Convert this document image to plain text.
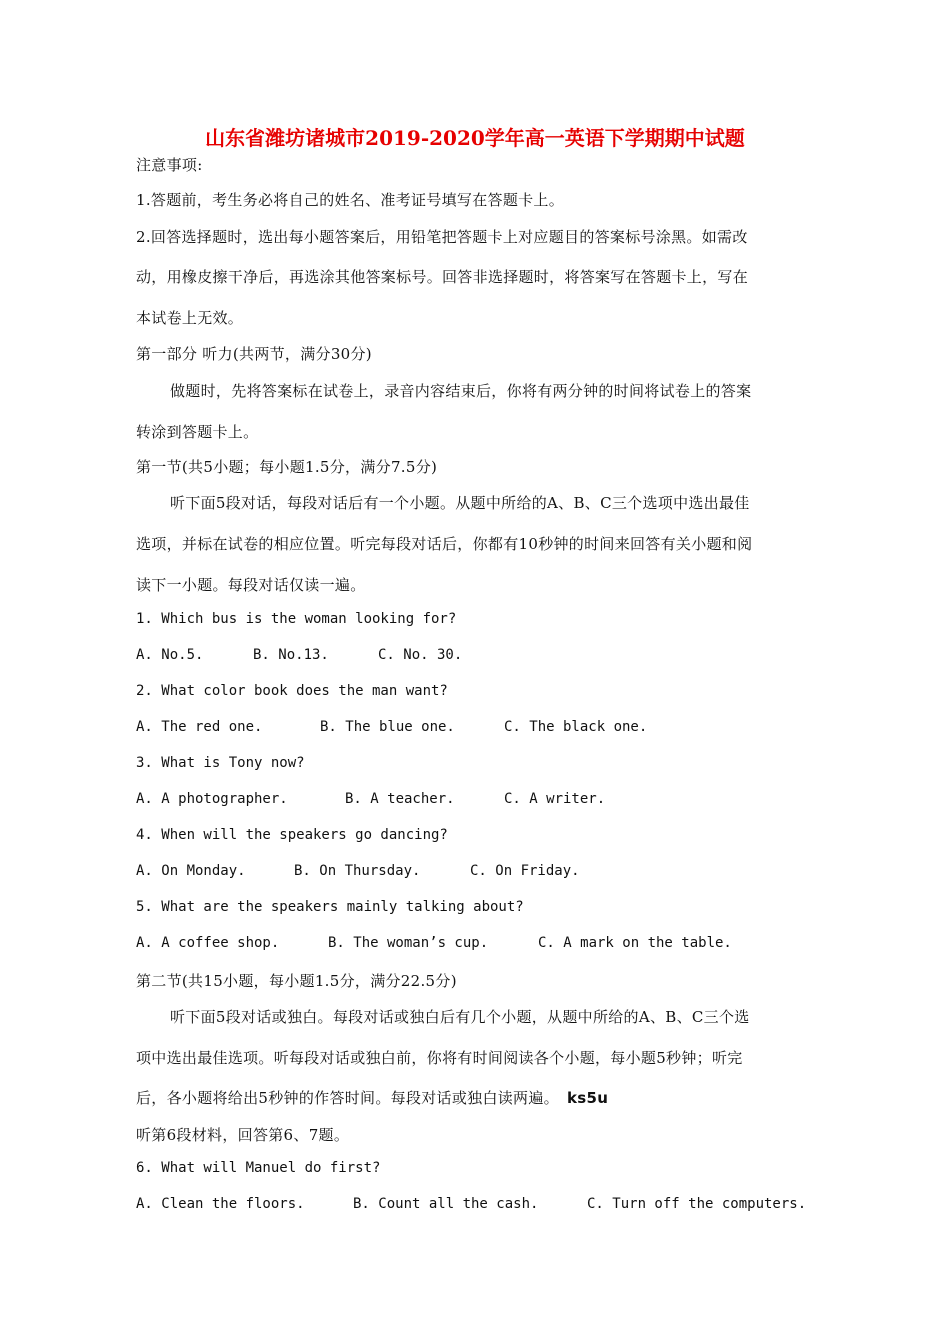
山东省潍坊诸城市2019-2020学年高一英语下学期期中试题
注意事项:
1.答题前，考生务必将自己的姓名、准考证号填写在答题卡上。
2.回答选择题时，选出每小题答案后，用铅笔把答题卡上对应题目的答案标号涂黑。如需改
动，用橡皮擦干净后，再选涂其他答案标号。回答非选择题时，将答案写在答题卡上，写在
本试卷上无效。
第一部分 听力(共两节，满分30分)
做题时，先将答案标在试卷上，录音内容结束后，你将有两分钟的时间将试卷上的答案
转涂到答题卡上。
第一节(共5小题；每小题1.5分，满分7.5分)
听下面5段对话，每段对话后有一个小题。从题中所给的A、B、C三个选项中选出最佳
选项，并标在试卷的相应位置。听完每段对话后，你都有10秒钟的时间来回答有关小题和阅
读下一小题。每段对话仅读一遍。
1. Which bus is the woman looking for?
A. No.5.	B. No.13.	C. No. 30.
2. What color book does the man want?
A. The red one.	B. The blue one.	C. The black one.
3. What is Tony now?
A. A photographer.	B. A teacher.	C. A writer.
4. When will the speakers go dancing?
A. On Monday.	B. On Thursday.	C. On Friday.
5. What are the speakers mainly talking about?
A. A coffee shop.	B. The woman’s cup.	C. A mark on the table.
第二节(共15小题，每小题1.5分，满分22.5分)
听下面5段对话或独白。每段对话或独白后有几个小题，从题中所给的A、B、C三个选
项中选出最佳选项。听每段对话或独白前，你将有时间阅读各个小题，每小题5秒钟；听完
后，各小题将给出5秒钟的作答时间。每段对话或独白读两遍。 ks5u
听第6段材料，回答第6、7题。
6. What will Manuel do first?
A. Clean the floors.	B. Count all the cash.	C. Turn off the computers.
